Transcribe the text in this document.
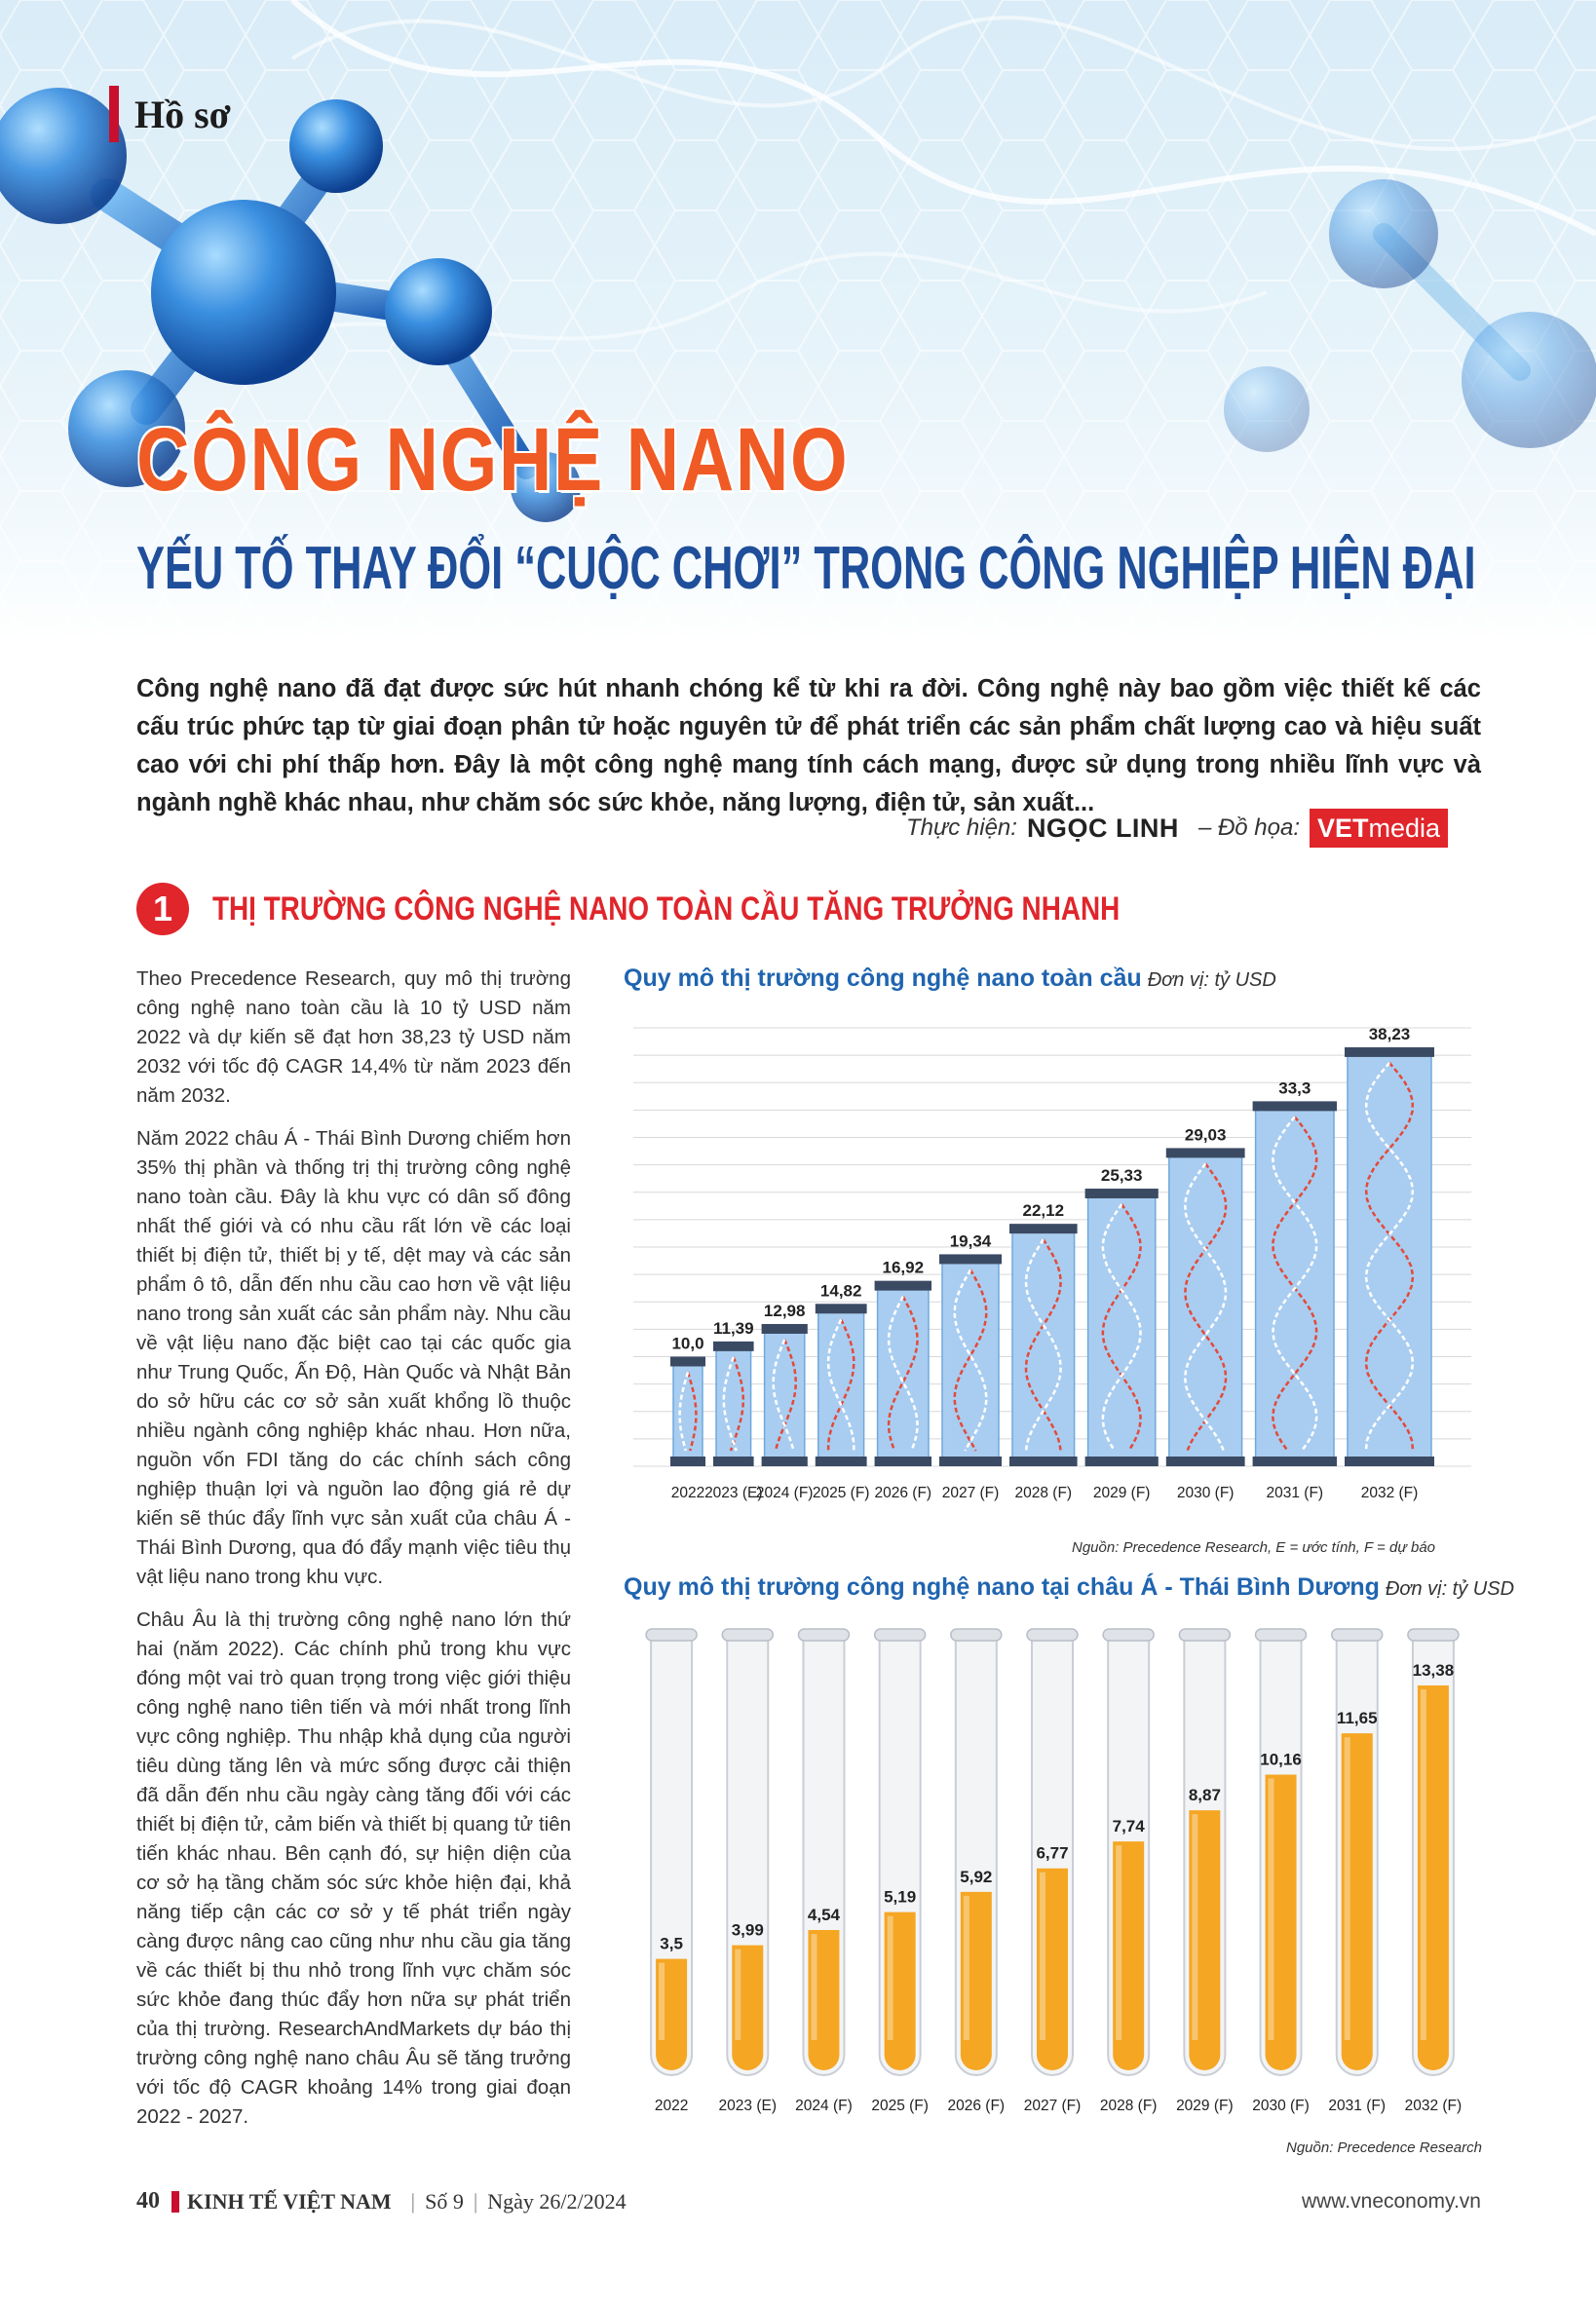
Hồ sơ
CÔNG NGHỆ NANO
YẾU TỐ THAY ĐỔI “CUỘC CHƠI” TRONG CÔNG NGHIỆP HIỆN ĐẠI
Công nghệ nano đã đạt được sức hút nhanh chóng kể từ khi ra đời. Công nghệ này bao gồm việc thiết kế các cấu trúc phức tạp từ giai đoạn phân tử hoặc nguyên tử để phát triển các sản phẩm chất lượng cao và hiệu suất cao với chi phí thấp hơn. Đây là một công nghệ mang tính cách mạng, được sử dụng trong nhiều lĩnh vực và ngành nghề khác nhau, như chăm sóc sức khỏe, năng lượng, điện tử, sản xuất...
Thực hiện: NGỌC LINH – Đồ họa: VETmedia
1	THỊ TRƯỜNG CÔNG NGHỆ NANO TOÀN CẦU TĂNG TRƯỞNG NHANH

Theo Precedence Research, quy mô thị trường công nghệ nano toàn cầu là 10 tỷ USD năm 2022 và dự kiến sẽ đạt hơn 38,23 tỷ USD năm 2032 với tốc độ CAGR 14,4% từ năm 2023 đến năm 2032.

Năm 2022 châu Á - Thái Bình Dương chiếm hơn 35% thị phần và thống trị thị trường công nghệ nano toàn cầu. Đây là khu vực có dân số đông nhất thế giới và có nhu cầu rất lớn về các loại thiết bị điện tử, thiết bị y tế, dệt may và các sản phẩm ô tô, dẫn đến nhu cầu cao hơn về vật liệu nano trong sản xuất các sản phẩm này. Nhu cầu về vật liệu nano đặc biệt cao tại các quốc gia như Trung Quốc, Ấn Độ, Hàn Quốc và Nhật Bản do sở hữu các cơ sở sản xuất khổng lồ thuộc nhiều ngành công nghiệp khác nhau. Hơn nữa, nguồn vốn FDI tăng do các chính sách công nghiệp thuận lợi và nguồn lao động giá rẻ dự kiến sẽ thúc đẩy lĩnh vực sản xuất của châu Á - Thái Bình Dương, qua đó đẩy mạnh việc tiêu thụ vật liệu nano trong khu vực.

Châu Âu là thị trường công nghệ nano lớn thứ hai (năm 2022). Các chính phủ trong khu vực đóng một vai trò quan trọng trong việc giới thiệu công nghệ nano tiên tiến và mới nhất trong lĩnh vực công nghiệp. Thu nhập khả dụng của người tiêu dùng tăng lên và mức sống được cải thiện đã dẫn đến nhu cầu ngày càng tăng đối với các thiết bị điện tử, cảm biến và thiết bị quang tử tiên tiến khác nhau. Bên cạnh đó, sự hiện diện của cơ sở hạ tầng chăm sóc sức khỏe hiện đại, khả năng tiếp cận các cơ sở y tế phát triển ngày càng được nâng cao cũng như nhu cầu gia tăng về các thiết bị thu nhỏ trong lĩnh vực chăm sóc sức khỏe đang thúc đẩy hơn nữa sự phát triển của thị trường. ResearchAndMarkets dự báo thị trường công nghệ nano châu Âu sẽ tăng trưởng với tốc độ CAGR khoảng 14% trong giai đoạn 2022 - 2027.

Quy mô thị trường công nghệ nano toàn cầu Đơn vị: tỷ USD
10,0
2022
11,39
2023 (E)
12,98
2024 (F)
14,82
2025 (F)
16,92
2026 (F)
19,34
2027 (F)
22,12
2028 (F)
25,33
2029 (F)
29,03
2030 (F)
33,3
2031 (F)
38,23
2032 (F)
Nguồn: Precedence Research, E = ước tính, F = dự báo
Quy mô thị trường công nghệ nano tại châu Á - Thái Bình Dương Đơn vị: tỷ USD
3,5
2022
3,99
2023 (E)
4,54
2024 (F)
5,19
2025 (F)
5,92
2026 (F)
6,77
2027 (F)
7,74
2028 (F)
8,87
2029 (F)
10,16
2030 (F)
11,65
2031 (F)
13,38
2032 (F)
Nguồn: Precedence Research
40 KINH TẾ VIỆT NAM | Số 9 | Ngày 26/2/2024	www.vneconomy.vn
